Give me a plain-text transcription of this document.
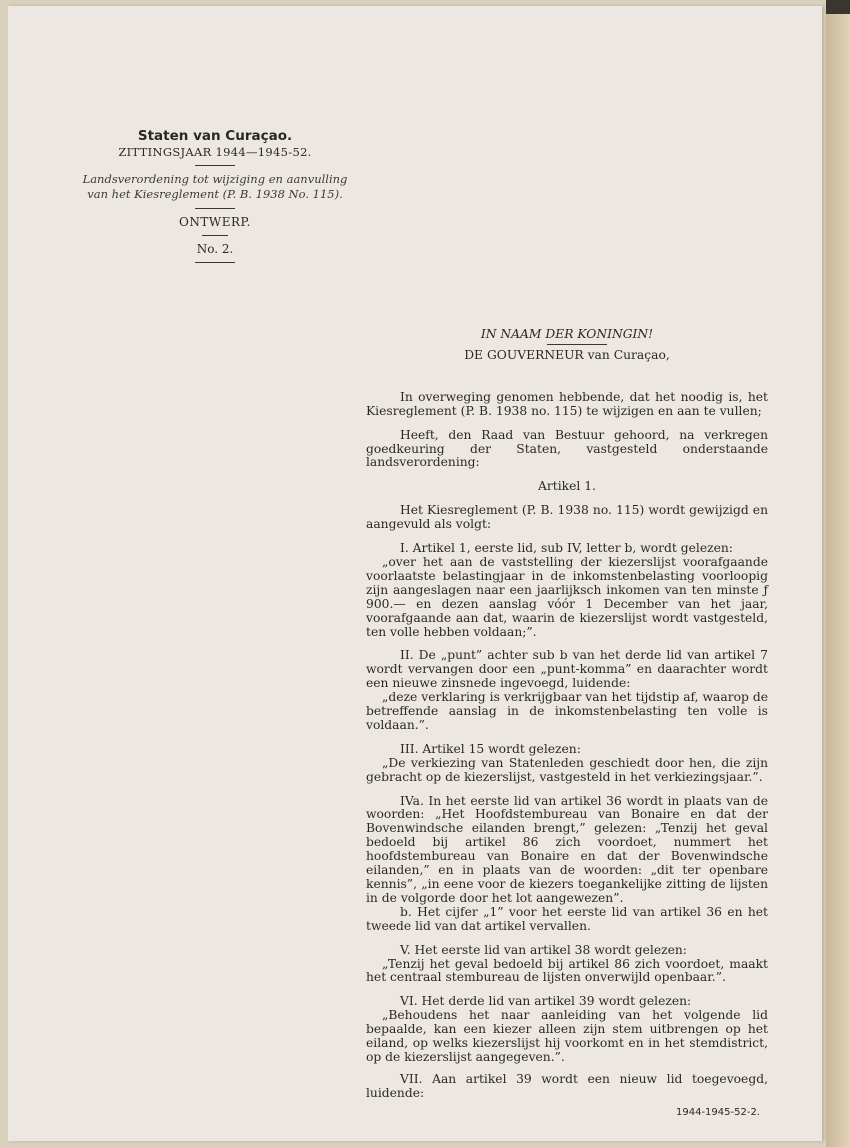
Staten van Curaçao.
ZITTINGSJAAR 1944—1945-52.
Landsverordening tot wijziging en aanvulling
van het Kiesreglement (P. B. 1938 No. 115).
ONTWERP.
No. 2.

IN NAAM DER KONINGIN!

DE GOUVERNEUR van Curaçao,

In overweging genomen hebbende, dat het noodig is, het Kiesreglement (P. B. 1938 no. 115) te wijzigen en aan te vullen;

Heeft, den Raad van Bestuur gehoord, na verkregen goedkeuring der Staten, vastgesteld onderstaande landsverordening:

Artikel 1.

Het Kiesreglement (P. B. 1938 no. 115) wordt gewijzigd en aangevuld als volgt:

I. Artikel 1, eerste lid, sub IV, letter b, wordt gelezen:
„over het aan de vaststelling der kiezerslijst voorafgaande voorlaatste belastingjaar in de inkomstenbelasting voorloopig zijn aangeslagen naar een jaarlijksch inkomen van ten minste ƒ 900.— en dezen aanslag vóór 1 December van het jaar, voorafgaande aan dat, waarin de kiezerslijst wordt vastgesteld, ten volle hebben voldaan;”.
II. De „punt” achter sub b van het derde lid van artikel 7 wordt vervangen door een „punt-komma” en daarachter wordt een nieuwe zinsnede ingevoegd, luidende:
„deze verklaring is verkrijgbaar van het tijdstip af, waarop de betreffende aanslag in de inkomstenbelasting ten volle is voldaan.”.
III. Artikel 15 wordt gelezen:
„De verkiezing van Statenleden geschiedt door hen, die zijn gebracht op de kiezerslijst, vastgesteld in het verkiezingsjaar.”.
IVa. In het eerste lid van artikel 36 wordt in plaats van de woorden: „Het Hoofdstembureau van Bonaire en dat der Bovenwindsche eilanden brengt,” gelezen: „Tenzij het geval bedoeld bij artikel 86 zich voordoet, nummert het hoofdstembureau van Bonaire en dat der Bovenwindsche eilanden,” en in plaats van de woorden: „dit ter openbare kennis”, „in eene voor de kiezers toegankelijke zitting de lijsten in de volgorde door het lot aangewezen”.
b. Het cijfer „1” voor het eerste lid van artikel 36 en het tweede lid van dat artikel vervallen.
V. Het eerste lid van artikel 38 wordt gelezen:
„Tenzij het geval bedoeld bij artikel 86 zich voordoet, maakt het centraal stembureau de lijsten onverwijld openbaar.”.
VI. Het derde lid van artikel 39 wordt gelezen:
„Behoudens het naar aanleiding van het volgende lid bepaalde, kan een kiezer alleen zijn stem uitbrengen op het eiland, op welks kiezerslijst hij voorkomt en in het stemdistrict, op de kiezerslijst aangegeven.”.
VII. Aan artikel 39 wordt een nieuw lid toegevoegd, luidende:
1944-1945-52-2.
